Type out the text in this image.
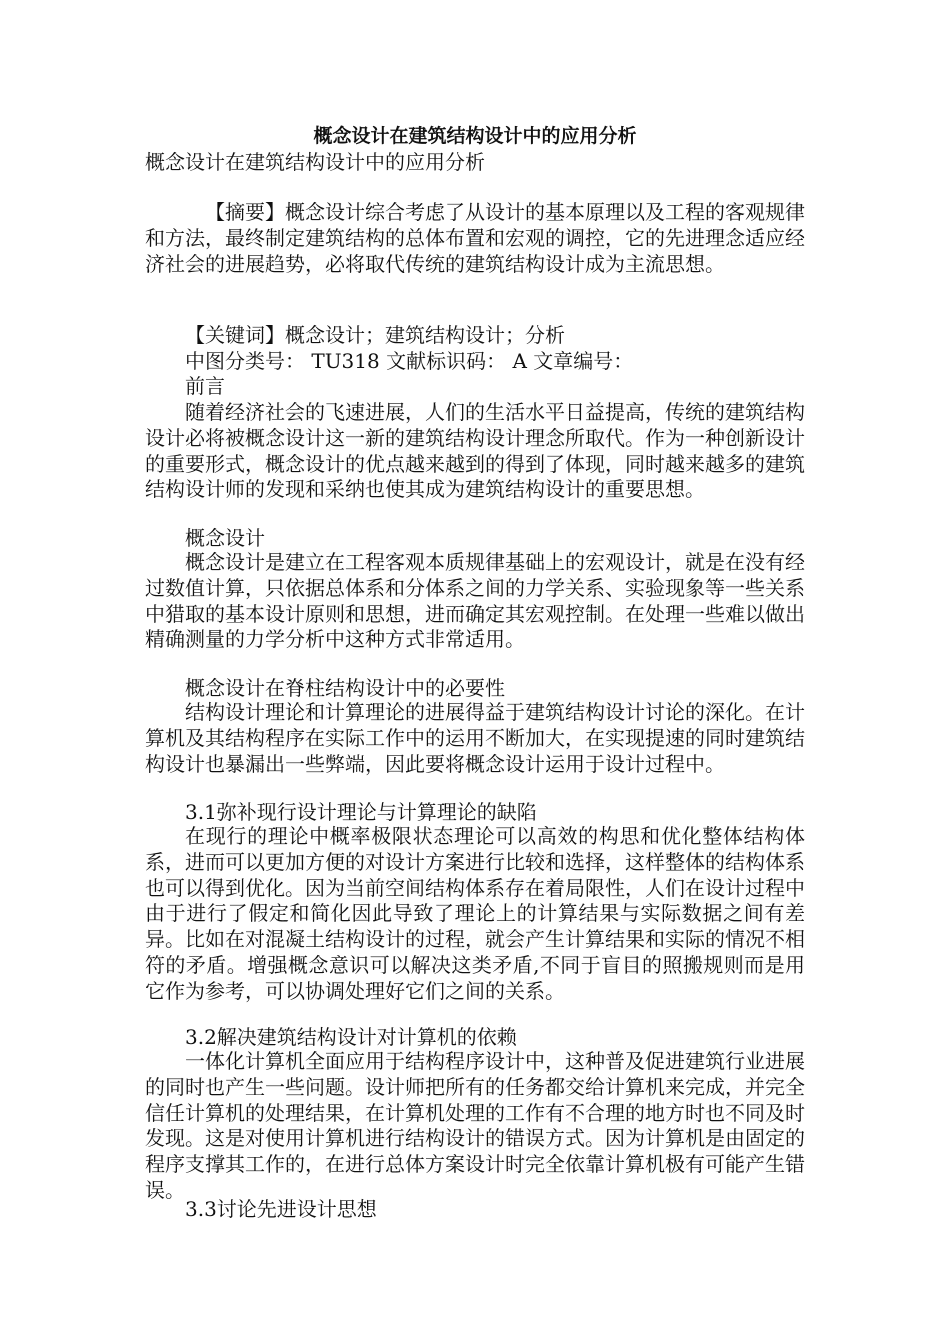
概念设计在建筑结构设计中的应用分析

概念设计在建筑结构设计中的应用分析

【摘要】概念设计综合考虑了从设计的基本原理以及工程的客观规律和方法，最终制定建筑结构的总体布置和宏观的调控，它的先进理念适应经济社会的进展趋势，必将取代传统的建筑结构设计成为主流思想。

【关键词】概念设计；建筑结构设计；分析

中图分类号： TU318 文献标识码： A 文章编号：

前言

随着经济社会的飞速进展，人们的生活水平日益提高，传统的建筑结构设计必将被概念设计这一新的建筑结构设计理念所取代。作为一种创新设计的重要形式，概念设计的优点越来越到的得到了体现，同时越来越多的建筑结构设计师的发现和采纳也使其成为建筑结构设计的重要思想。

概念设计

概念设计是建立在工程客观本质规律基础上的宏观设计，就是在没有经过数值计算，只依据总体系和分体系之间的力学关系、实验现象等一些关系中猎取的基本设计原则和思想，进而确定其宏观控制。在处理一些难以做出精确测量的力学分析中这种方式非常适用。

概念设计在脊柱结构设计中的必要性

结构设计理论和计算理论的进展得益于建筑结构设计讨论的深化。在计算机及其结构程序在实际工作中的运用不断加大，在实现提速的同时建筑结构设计也暴漏出一些弊端，因此要将概念设计运用于设计过程中。

3.1弥补现行设计理论与计算理论的缺陷

在现行的理论中概率极限状态理论可以高效的构思和优化整体结构体系，进而可以更加方便的对设计方案进行比较和选择，这样整体的结构体系也可以得到优化。因为当前空间结构体系存在着局限性，人们在设计过程中由于进行了假定和简化因此导致了理论上的计算结果与实际数据之间有差异。比如在对混凝土结构设计的过程，就会产生计算结果和实际的情况不相符的矛盾。增强概念意识可以解决这类矛盾,不同于盲目的照搬规则而是用它作为参考，可以协调处理好它们之间的关系。

3.2解决建筑结构设计对计算机的依赖

一体化计算机全面应用于结构程序设计中，这种普及促进建筑行业进展的同时也产生一些问题。设计师把所有的任务都交给计算机来完成，并完全信任计算机的处理结果，在计算机处理的工作有不合理的地方时也不同及时发现。这是对使用计算机进行结构设计的错误方式。因为计算机是由固定的程序支撑其工作的，在进行总体方案设计时完全依靠计算机极有可能产生错误。

3.3讨论先进设计思想
